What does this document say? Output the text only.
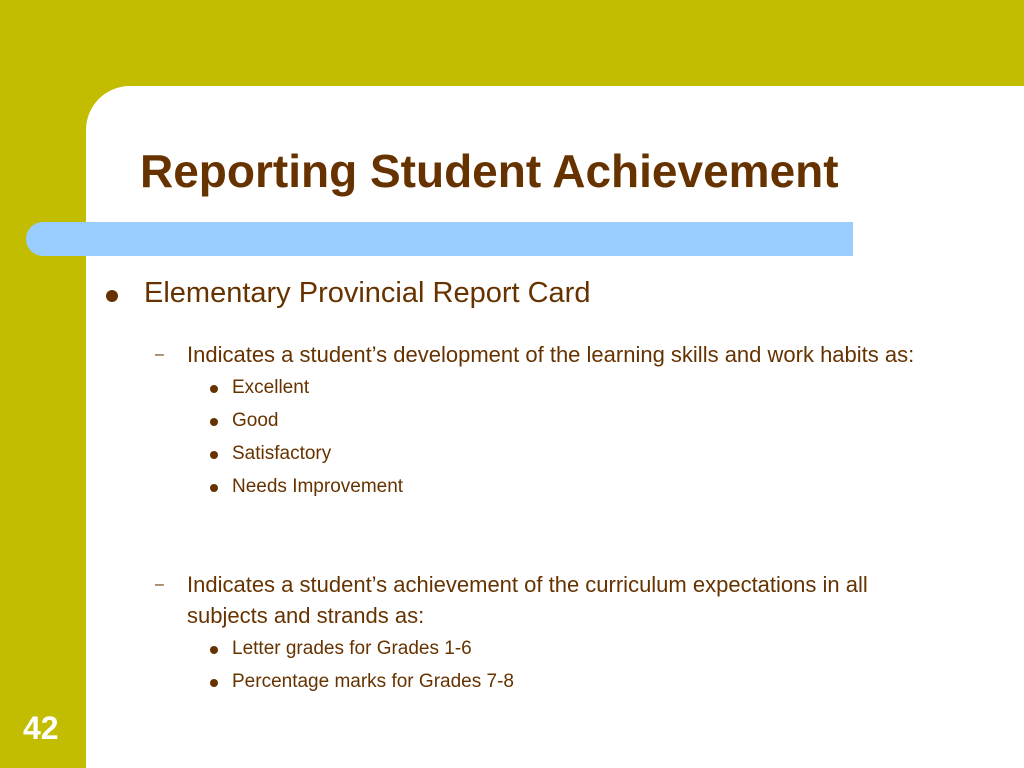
Reporting Student Achievement
Elementary Provincial Report Card
– Indicates a student’s development of the learning skills and work habits as:
Excellent
Good
Satisfactory
Needs Improvement
– Indicates a student’s achievement of the curriculum expectations in all subjects and strands as:
Letter grades for Grades 1-6
Percentage marks for Grades 7-8
42
